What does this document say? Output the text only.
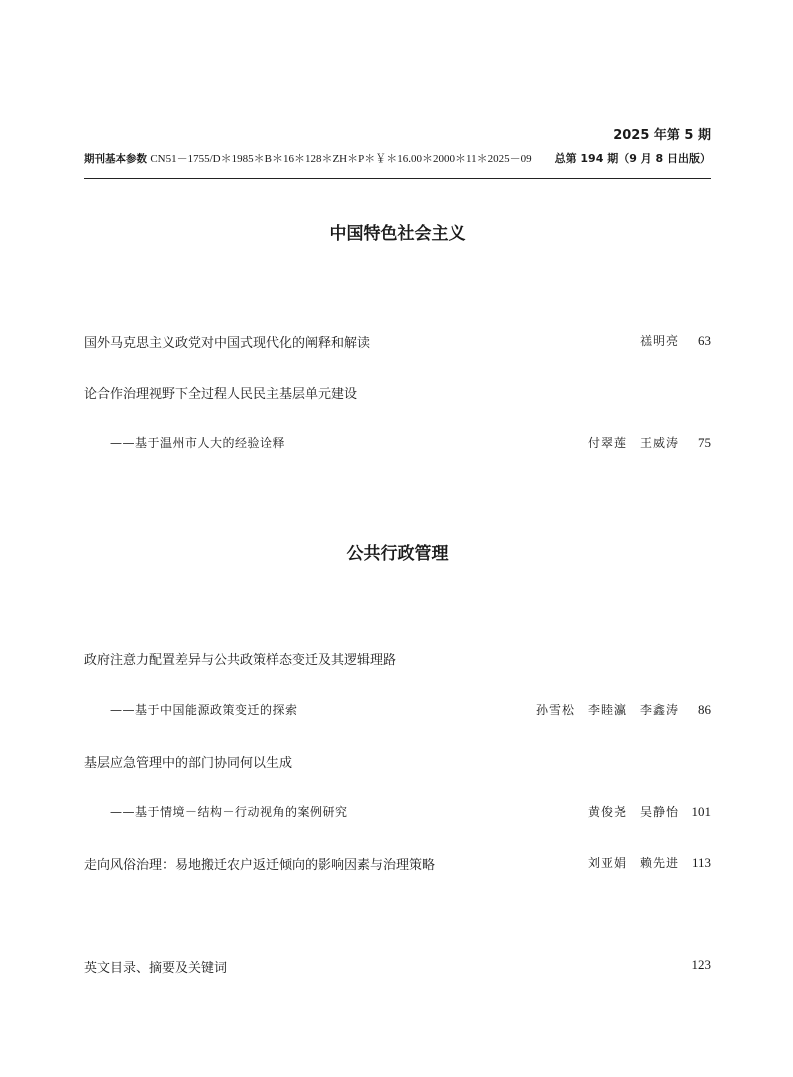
2025 年第 5 期
期刊基本参数 CN51－1755/D＊1985＊B＊16＊128＊ZH＊P＊￥＊16.00＊2000＊11＊2025－09 总第 194 期（9 月 8 日出版）
中国特色社会主义
国外马克思主义政党对中国式现代化的阐释和解读	禚明亮 63
论合作治理视野下全过程人民民主基层单元建设
——基于温州市人大的经验诠释	付翠莲　王威涛 75
公共行政管理
政府注意力配置差异与公共政策样态变迁及其逻辑理路
——基于中国能源政策变迁的探索	孙雪松　李睦瀛　李鑫涛 86
基层应急管理中的部门协同何以生成
——基于情境－结构－行动视角的案例研究	黄俊尧　吴静怡 101
走向风俗治理：易地搬迁农户返迁倾向的影响因素与治理策略	刘亚娟　赖先进 113
英文目录、摘要及关键词	123
